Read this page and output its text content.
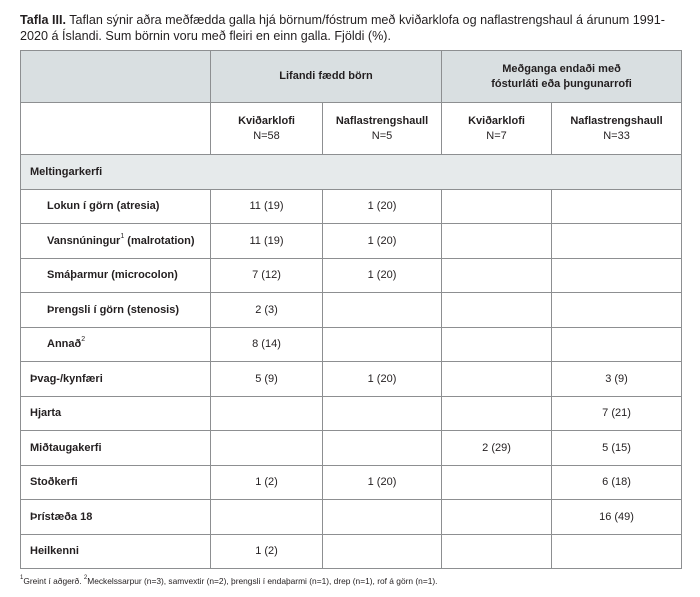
Tafla III. Taflan sýnir aðra meðfædda galla hjá börnum/fóstrum með kviðarklofa og naflastrengshaul á árunum 1991-2020 á Íslandi. Sum börnin voru með fleiri en einn galla. Fjöldi (%).
	Lifandi fædd börn		Meðganga endaði með
fósturláti eða þungunarrofi	
	Kviðarklofi
N=58	Naflastrengshaull
N=5	Kviðarklofi
N=7	Naflastrengshaull
N=33
Meltingarkerfi				
Lokun í görn (atresia)	11 (19)	1 (20)		
Vansnúningur$^1$ (malrotation)	11 (19)	1 (20)		
Smáþarmur (microcolon)	7 (12)	1 (20)		
Þrengsli í görn (stenosis)	2 (3)			
Annað$^2$	8 (14)			
Þvag-/kynfæri	5 (9)	1 (20)		3 (9)
Hjarta				7 (21)
Miðtaugakerfi			2 (29)	5 (15)
Stoðkerfi	1 (2)	1 (20)		6 (18)
Þrístæða 18				16 (49)
Heilkenni	1 (2)			
$^1$Greint í aðgerð. $^2$Meckelssarpur (n=3), samvextir (n=2), þrengsli í endaþarmi (n=1), drep (n=1), rof á görn (n=1).
